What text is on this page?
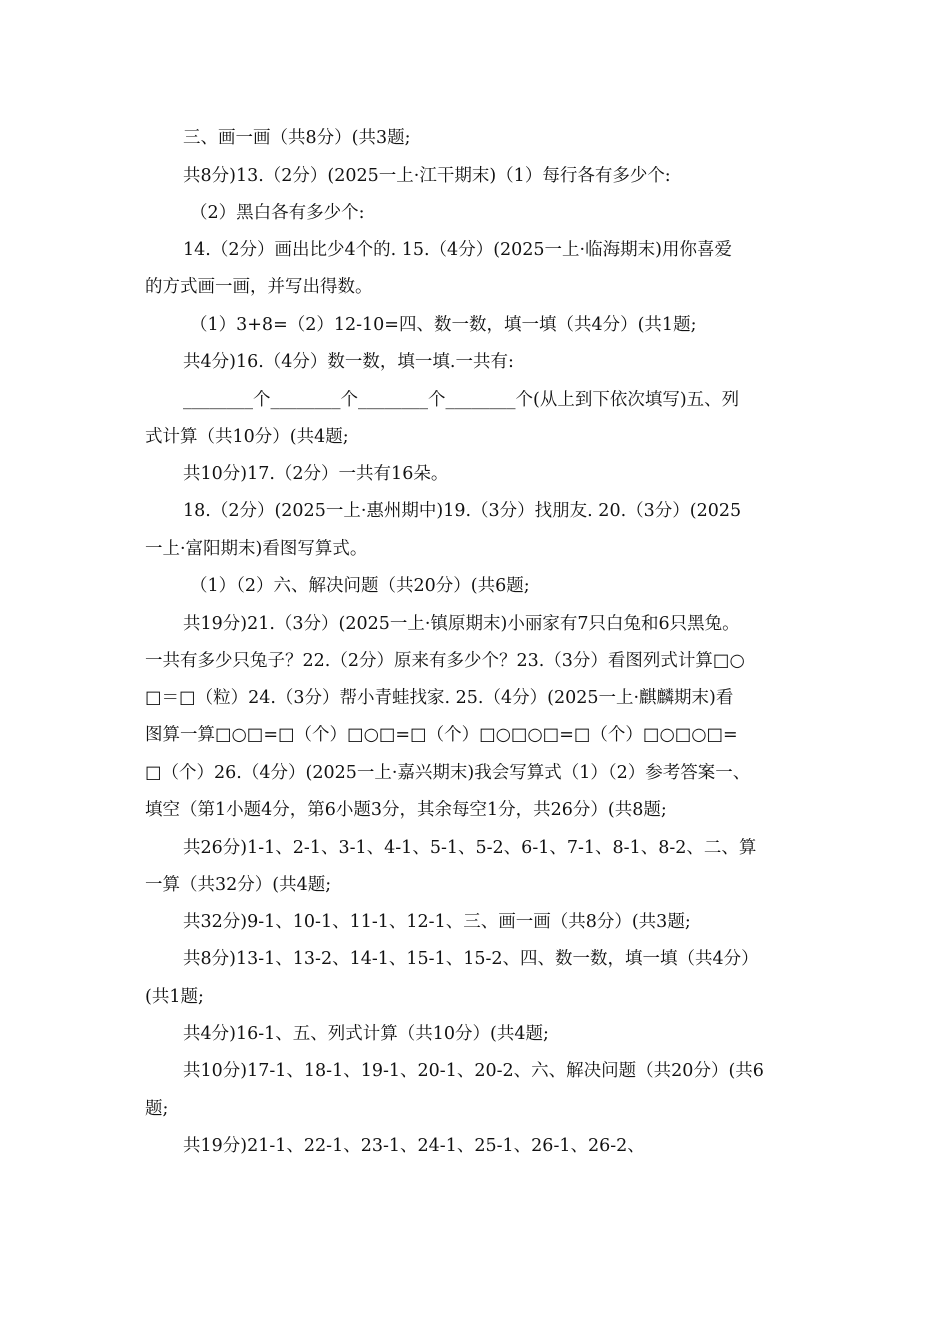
三、画一画（共8分）(共3题;
共8分)13.（2分）(2025一上·江干期末)（1）每行各有多少个:
（2）黑白各有多少个:
14.（2分）画出比少4个的. 15.（4分）(2025一上·临海期末)用你喜爱
的方式画一画，并写出得数。
（1）3+8=（2）12-10=四、数一数，填一填（共4分）(共1题;
共4分)16.（4分）数一数，填一填.一共有:
________个________个________个________个(从上到下依次填写)五、列
式计算（共10分）(共4题;
共10分)17.（2分）一共有16朵。
18.（2分）(2025一上·惠州期中)19.（3分）找朋友. 20.（3分）(2025
一上·富阳期末)看图写算式。
（1）（2）六、解决问题（共20分）(共6题;
共19分)21.（3分）(2025一上·镇原期末)小丽家有7只白兔和6只黑兔。
一共有多少只兔子？22.（2分）原来有多少个？23.（3分）看图列式计算□○
□＝□（粒）24.（3分）帮小青蛙找家. 25.（4分）(2025一上·麒麟期末)看
图算一算□○□=□（个）□○□=□（个）□○□○□=□（个）□○□○□=
□（个）26.（4分）(2025一上·嘉兴期末)我会写算式（1）（2）参考答案一、
填空（第1小题4分，第6小题3分，其余每空1分，共26分）(共8题;
共26分)1-1、2-1、3-1、4-1、5-1、5-2、6-1、7-1、8-1、8-2、二、算
一算（共32分）(共4题;
共32分)9-1、10-1、11-1、12-1、三、画一画（共8分）(共3题;
共8分)13-1、13-2、14-1、15-1、15-2、四、数一数，填一填（共4分）
(共1题;
共4分)16-1、五、列式计算（共10分）(共4题;
共10分)17-1、18-1、19-1、20-1、20-2、六、解决问题（共20分）(共6
题;
共19分)21-1、22-1、23-1、24-1、25-1、26-1、26-2、
